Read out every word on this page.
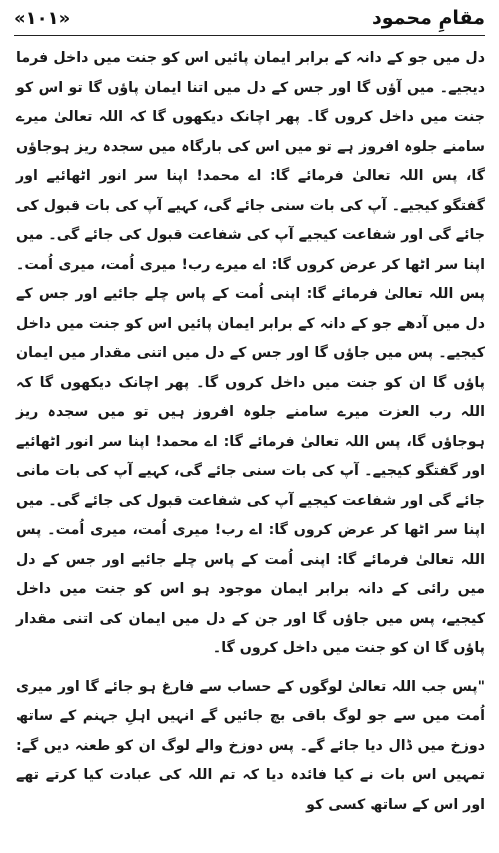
«۱۰۱»	مقامِ محمود

دل میں جو کے دانہ کے برابر ایمان پائیں اس کو جنت میں داخل فرما دیجیے۔ میں آؤں گا اور جس کے دل میں اتنا ایمان پاؤں گا تو اس کو جنت میں داخل کروں گا۔ پھر اچانک دیکھوں گا کہ اللہ تعالیٰ میرے سامنے جلوہ افروز ہے تو میں اس کی بارگاہ میں سجدہ ریز ہوجاؤں گا، پس اللہ تعالیٰ فرمائے گا: اے محمد! اپنا سر انور اٹھائیے اور گفتگو کیجیے۔ آپ کی بات سنی جائے گی، کہیے آپ کی بات قبول کی جائے گی اور شفاعت کیجیے آپ کی شفاعت قبول کی جائے گی۔ میں اپنا سر اٹھا کر عرض کروں گا: اے میرے رب! میری اُمت، میری اُمت۔ پس اللہ تعالیٰ فرمائے گا: اپنی اُمت کے پاس چلے جائیے اور جس کے دل میں آدھے جو کے دانہ کے برابر ایمان پائیں اس کو جنت میں داخل کیجیے۔ پس میں جاؤں گا اور جس کے دل میں اتنی مقدار میں ایمان پاؤں گا ان کو جنت میں داخل کروں گا۔ پھر اچانک دیکھوں گا کہ اللہ رب العزت میرے سامنے جلوہ افروز ہیں تو میں سجدہ ریز ہوجاؤں گا، پس اللہ تعالیٰ فرمائے گا: اے محمد! اپنا سر انور اٹھائیے اور گفتگو کیجیے۔ آپ کی بات سنی جائے گی، کہیے آپ کی بات مانی جائے گی اور شفاعت کیجیے آپ کی شفاعت قبول کی جائے گی۔ میں اپنا سر اٹھا کر عرض کروں گا: اے رب! میری اُمت، میری اُمت۔ پس اللہ تعالیٰ فرمائے گا: اپنی اُمت کے پاس چلے جائیے اور جس کے دل میں رائی کے دانہ برابر ایمان موجود ہو اس کو جنت میں داخل کیجیے، پس میں جاؤں گا اور جن کے دل میں ایمان کی اتنی مقدار پاؤں گا ان کو جنت میں داخل کروں گا۔

"پس جب اللہ تعالیٰ لوگوں کے حساب سے فارغ ہو جائے گا اور میری اُمت میں سے جو لوگ باقی بچ جائیں گے انہیں اہلِ جہنم کے ساتھ دوزخ میں ڈال دیا جائے گے۔ پس دوزخ والے لوگ ان کو طعنہ دیں گے: تمہیں اس بات نے کیا فائدہ دیا کہ تم اللہ کی عبادت کیا کرتے تھے اور اس کے ساتھ کسی کو
